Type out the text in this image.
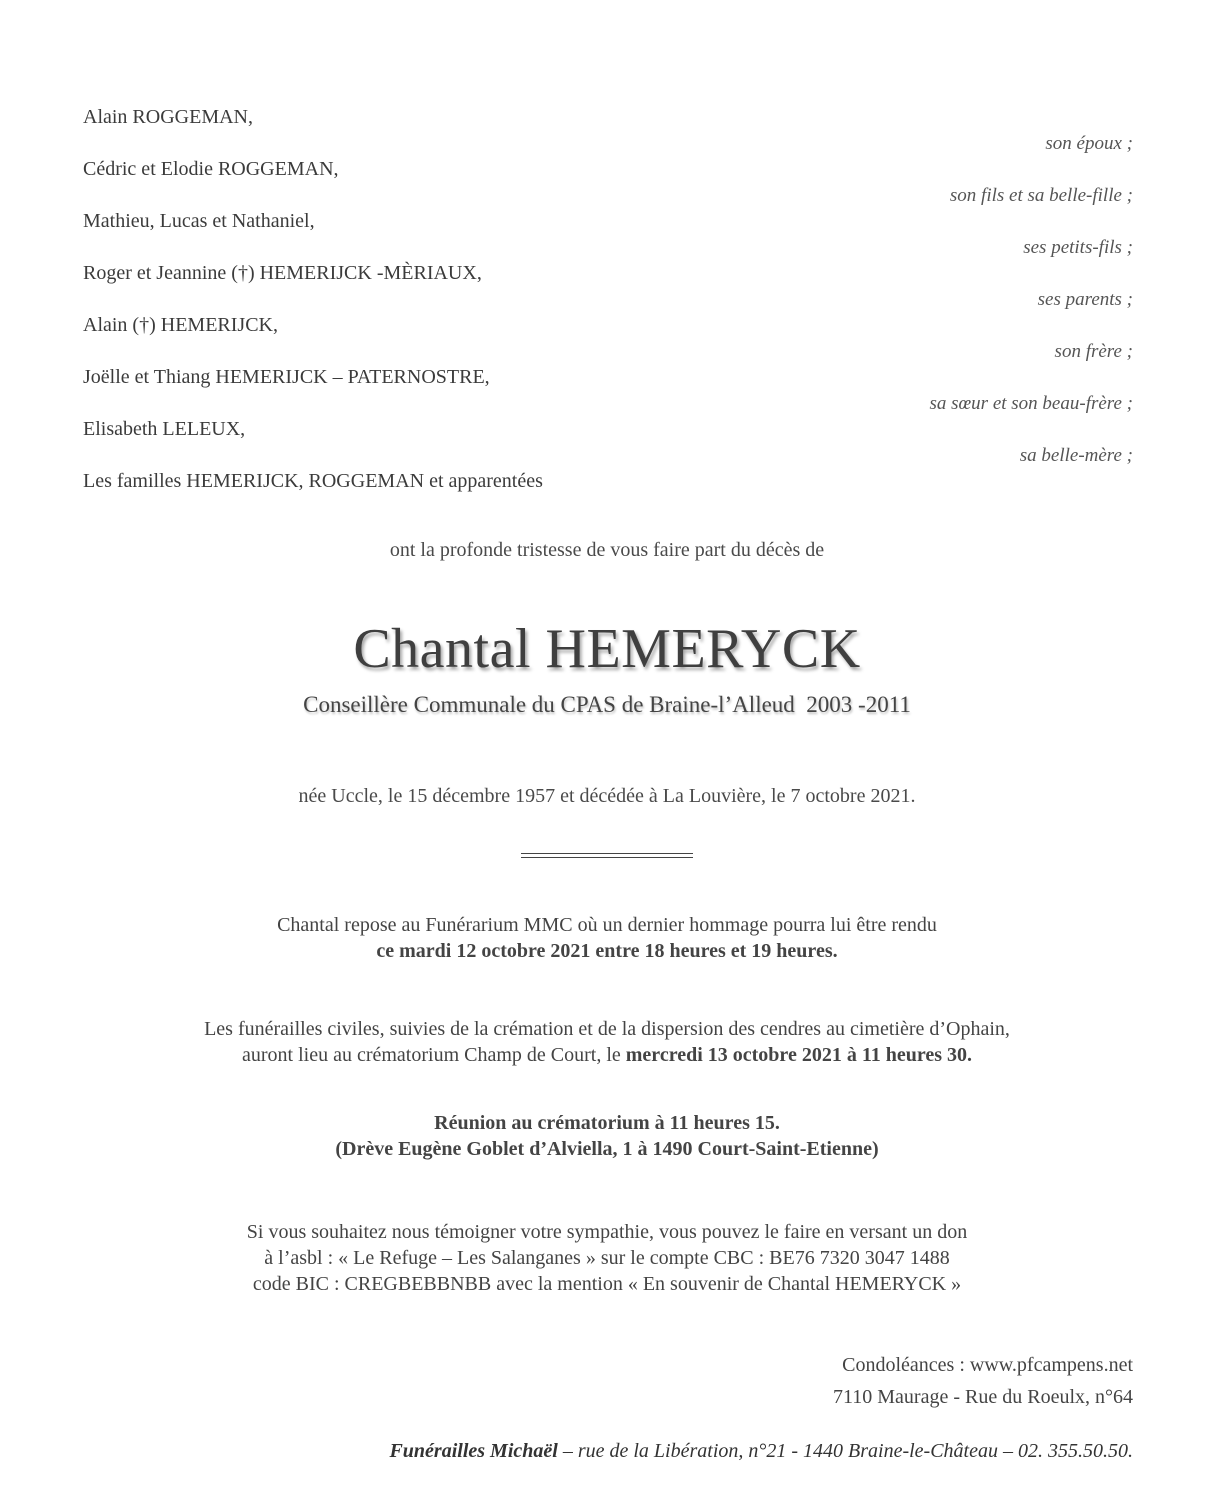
Alain ROGGEMAN,
son époux ;
Cédric et Elodie ROGGEMAN,
son fils et sa belle-fille ;
Mathieu, Lucas et Nathaniel,
ses petits-fils ;
Roger et Jeannine (†) HEMERIJCK -MÈRIAUX,
ses parents ;
Alain (†) HEMERIJCK,
son frère ;
Joëlle et Thiang HEMERIJCK – PATERNOSTRE,
sa sœur et son beau-frère ;
Elisabeth LELEUX,
sa belle-mère ;
Les familles HEMERIJCK, ROGGEMAN et apparentées
ont la profonde tristesse de vous faire part du décès de
Chantal HEMERYCK
Conseillère Communale du CPAS de Braine-l’Alleud  2003 -2011
née Uccle, le 15 décembre 1957 et décédée à La Louvière, le 7 octobre 2021.
Chantal repose au Funérarium MMC où un dernier hommage pourra lui être rendu
ce mardi 12 octobre 2021 entre 18 heures et 19 heures.
Les funérailles civiles, suivies de la crémation et de la dispersion des cendres au cimetière d’Ophain,
auront lieu au crématorium Champ de Court, le mercredi 13 octobre 2021 à 11 heures 30.
Réunion au crématorium à 11 heures 15.
(Drève Eugène Goblet d’Alviella, 1 à 1490 Court-Saint-Etienne)
Si vous souhaitez nous témoigner votre sympathie, vous pouvez le faire en versant un don
à l’asbl : « Le Refuge – Les Salanganes » sur le compte CBC : BE76 7320 3047 1488
code BIC : CREGBEBBNBB avec la mention « En souvenir de Chantal HEMERYCK »
Condoléances : www.pfcampens.net
7110 Maurage - Rue du Roeulx, n°64
Funérailles Michaël – rue de la Libération, n°21 - 1440 Braine-le-Château – 02. 355.50.50.
